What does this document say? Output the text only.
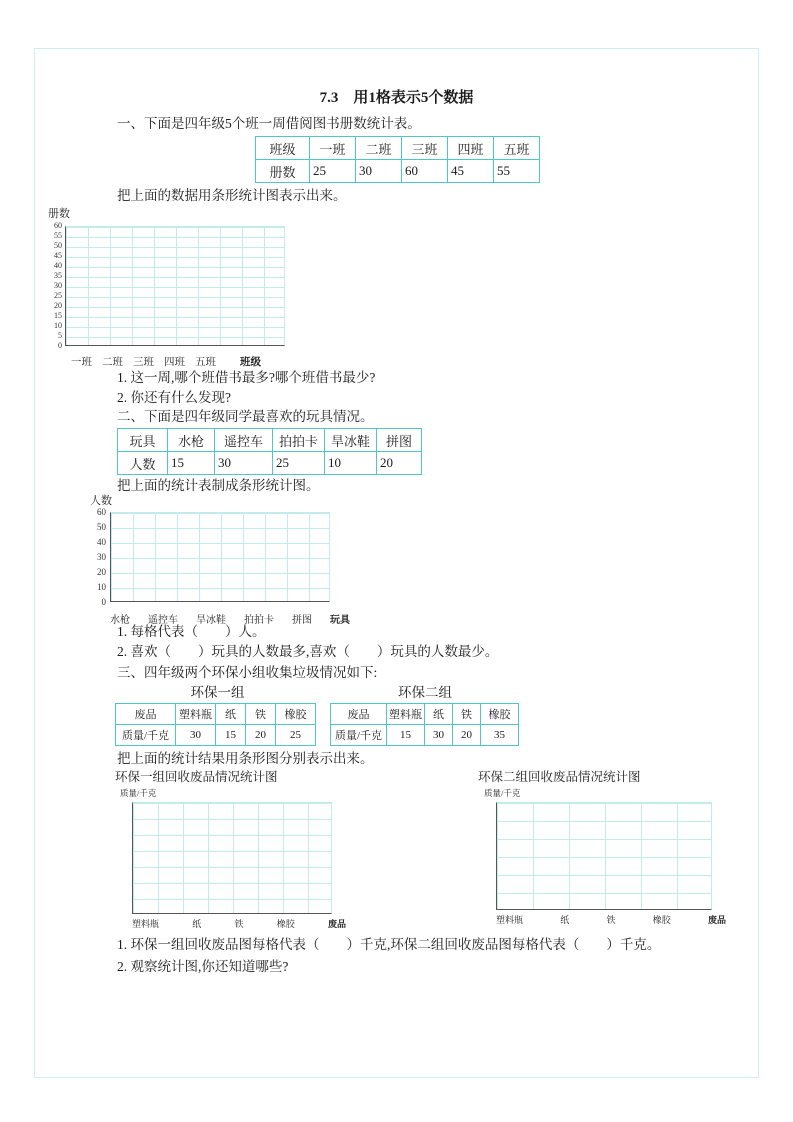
7.3　用1格表示5个数据
一、下面是四年级5个班一周借阅图书册数统计表。
班级	一班	二班	三班	四班	五班
册数	25	30	60	45	55
把上面的数据用条形统计图表示出来。
册数
60
55
50
45
40
35
30
25
20
15
10
5
0
一班 二班 三班 四班 五班 班级
1. 这一周,哪个班借书最多?哪个班借书最少?
2. 你还有什么发现?
二、下面是四年级同学最喜欢的玩具情况。
玩具	水枪	遥控车	拍拍卡	旱冰鞋	拼图
人数	15	30	25	10	20
把上面的统计表制成条形统计图。
人数
60
50
40
30
20
10
0
水枪 遥控车 旱冰鞋 拍拍卡 拼图 玩具
1. 每格代表（　　）人。
2. 喜欢（　　）玩具的人数最多,喜欢（　　）玩具的人数最少。
三、四年级两个环保小组收集垃圾情况如下:
环保一组	环保二组
废品	塑料瓶	纸	铁	橡胶
质量/千克	30	15	20	25
废品	塑料瓶	纸	铁	橡胶
质量/千克	15	30	20	35
把上面的统计结果用条形图分别表示出来。
环保一组回收废品情况统计图	环保二组回收废品情况统计图
质量/千克
塑料瓶	纸	铁	橡胶	废品
质量/千克
塑料瓶	纸	铁	橡胶	废品
1. 环保一组回收废品图每格代表（　　）千克,环保二组回收废品图每格代表（　　）千克。
2. 观察统计图,你还知道哪些?
